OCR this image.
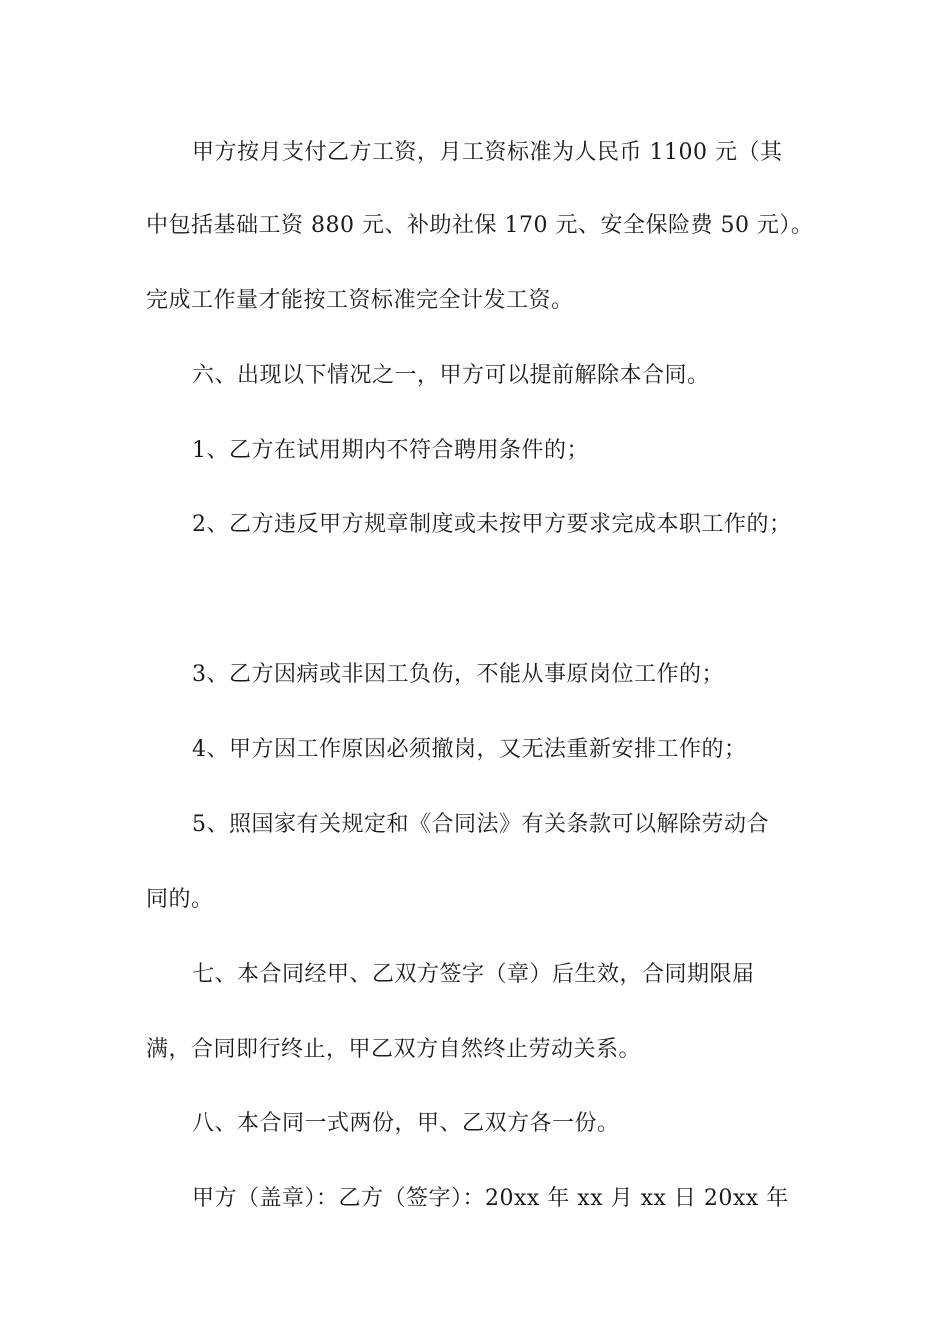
甲方按月支付乙方工资，月工资标准为人民币 1100 元（其
中包括基础工资 880 元、补助社保 170 元、安全保险费 50 元）。
完成工作量才能按工资标准完全计发工资。
六、出现以下情况之一，甲方可以提前解除本合同。
1、乙方在试用期内不符合聘用条件的；
2、乙方违反甲方规章制度或未按甲方要求完成本职工作的；
3、乙方因病或非因工负伤，不能从事原岗位工作的；
4、甲方因工作原因必须撤岗，又无法重新安排工作的；
5、照国家有关规定和《合同法》有关条款可以解除劳动合
同的。
七、本合同经甲、乙双方签字（章）后生效，合同期限届
满，合同即行终止，甲乙双方自然终止劳动关系。
八、本合同一式两份，甲、乙双方各一份。
甲方（盖章）：乙方（签字）：20xx 年 xx 月 xx 日 20xx 年
